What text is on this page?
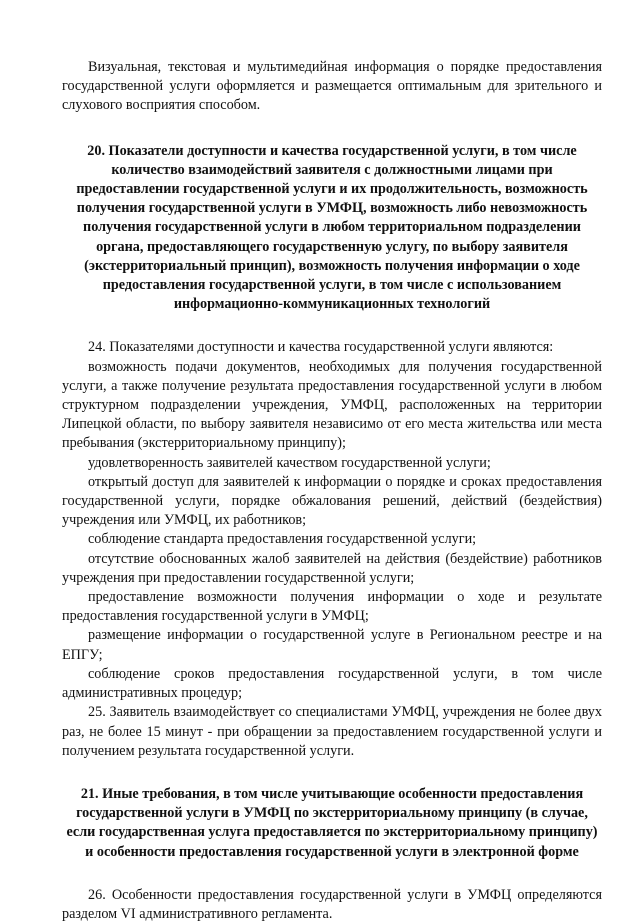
Визуальная, текстовая и мультимедийная информация о порядке предоставления государственной услуги оформляется и размещается оптимальным для зрительного и слухового восприятия способом.

20. Показатели доступности и качества государственной услуги, в том числе количество взаимодействий заявителя с должностными лицами при предоставлении государственной услуги и их продолжительность, возможность получения государственной услуги в УМФЦ, возможность либо невозможность получения государственной услуги в любом территориальном подразделении органа, предоставляющего государственную услугу, по выбору заявителя (экстерриториальный принцип), возможность получения информации о ходе предоставления государственной услуги, в том числе с использованием информационно-коммуникационных технологий

24. Показателями доступности и качества государственной услуги являются:

возможность подачи документов, необходимых для получения государственной услуги, а также получение результата предоставления государственной услуги в любом структурном подразделении учреждения, УМФЦ, расположенных на территории Липецкой области, по выбору заявителя независимо от его места жительства или места пребывания (экстерриториальному принципу);

удовлетворенность заявителей качеством государственной услуги;

открытый доступ для заявителей к информации о порядке и сроках предоставления государственной услуги, порядке обжалования решений, действий (бездействия) учреждения или УМФЦ, их работников;

соблюдение стандарта предоставления государственной услуги;

отсутствие обоснованных жалоб заявителей на действия (бездействие) работников учреждения при предоставлении государственной услуги;

предоставление возможности получения информации о ходе и результате предоставления государственной услуги в УМФЦ;

размещение информации о государственной услуге в Региональном реестре и на ЕПГУ;

соблюдение сроков предоставления государственной услуги, в том числе административных процедур;

25. Заявитель взаимодействует со специалистами УМФЦ, учреждения не более двух раз, не более 15 минут - при обращении за предоставлением государственной услуги и получением результата государственной услуги.

21. Иные требования, в том числе учитывающие особенности предоставления государственной услуги в УМФЦ по экстерриториальному принципу (в случае, если государственная услуга предоставляется по экстерриториальному принципу) и особенности предоставления государственной услуги в электронной форме

26. Особенности предоставления государственной услуги в УМФЦ определяются разделом VI административного регламента.
